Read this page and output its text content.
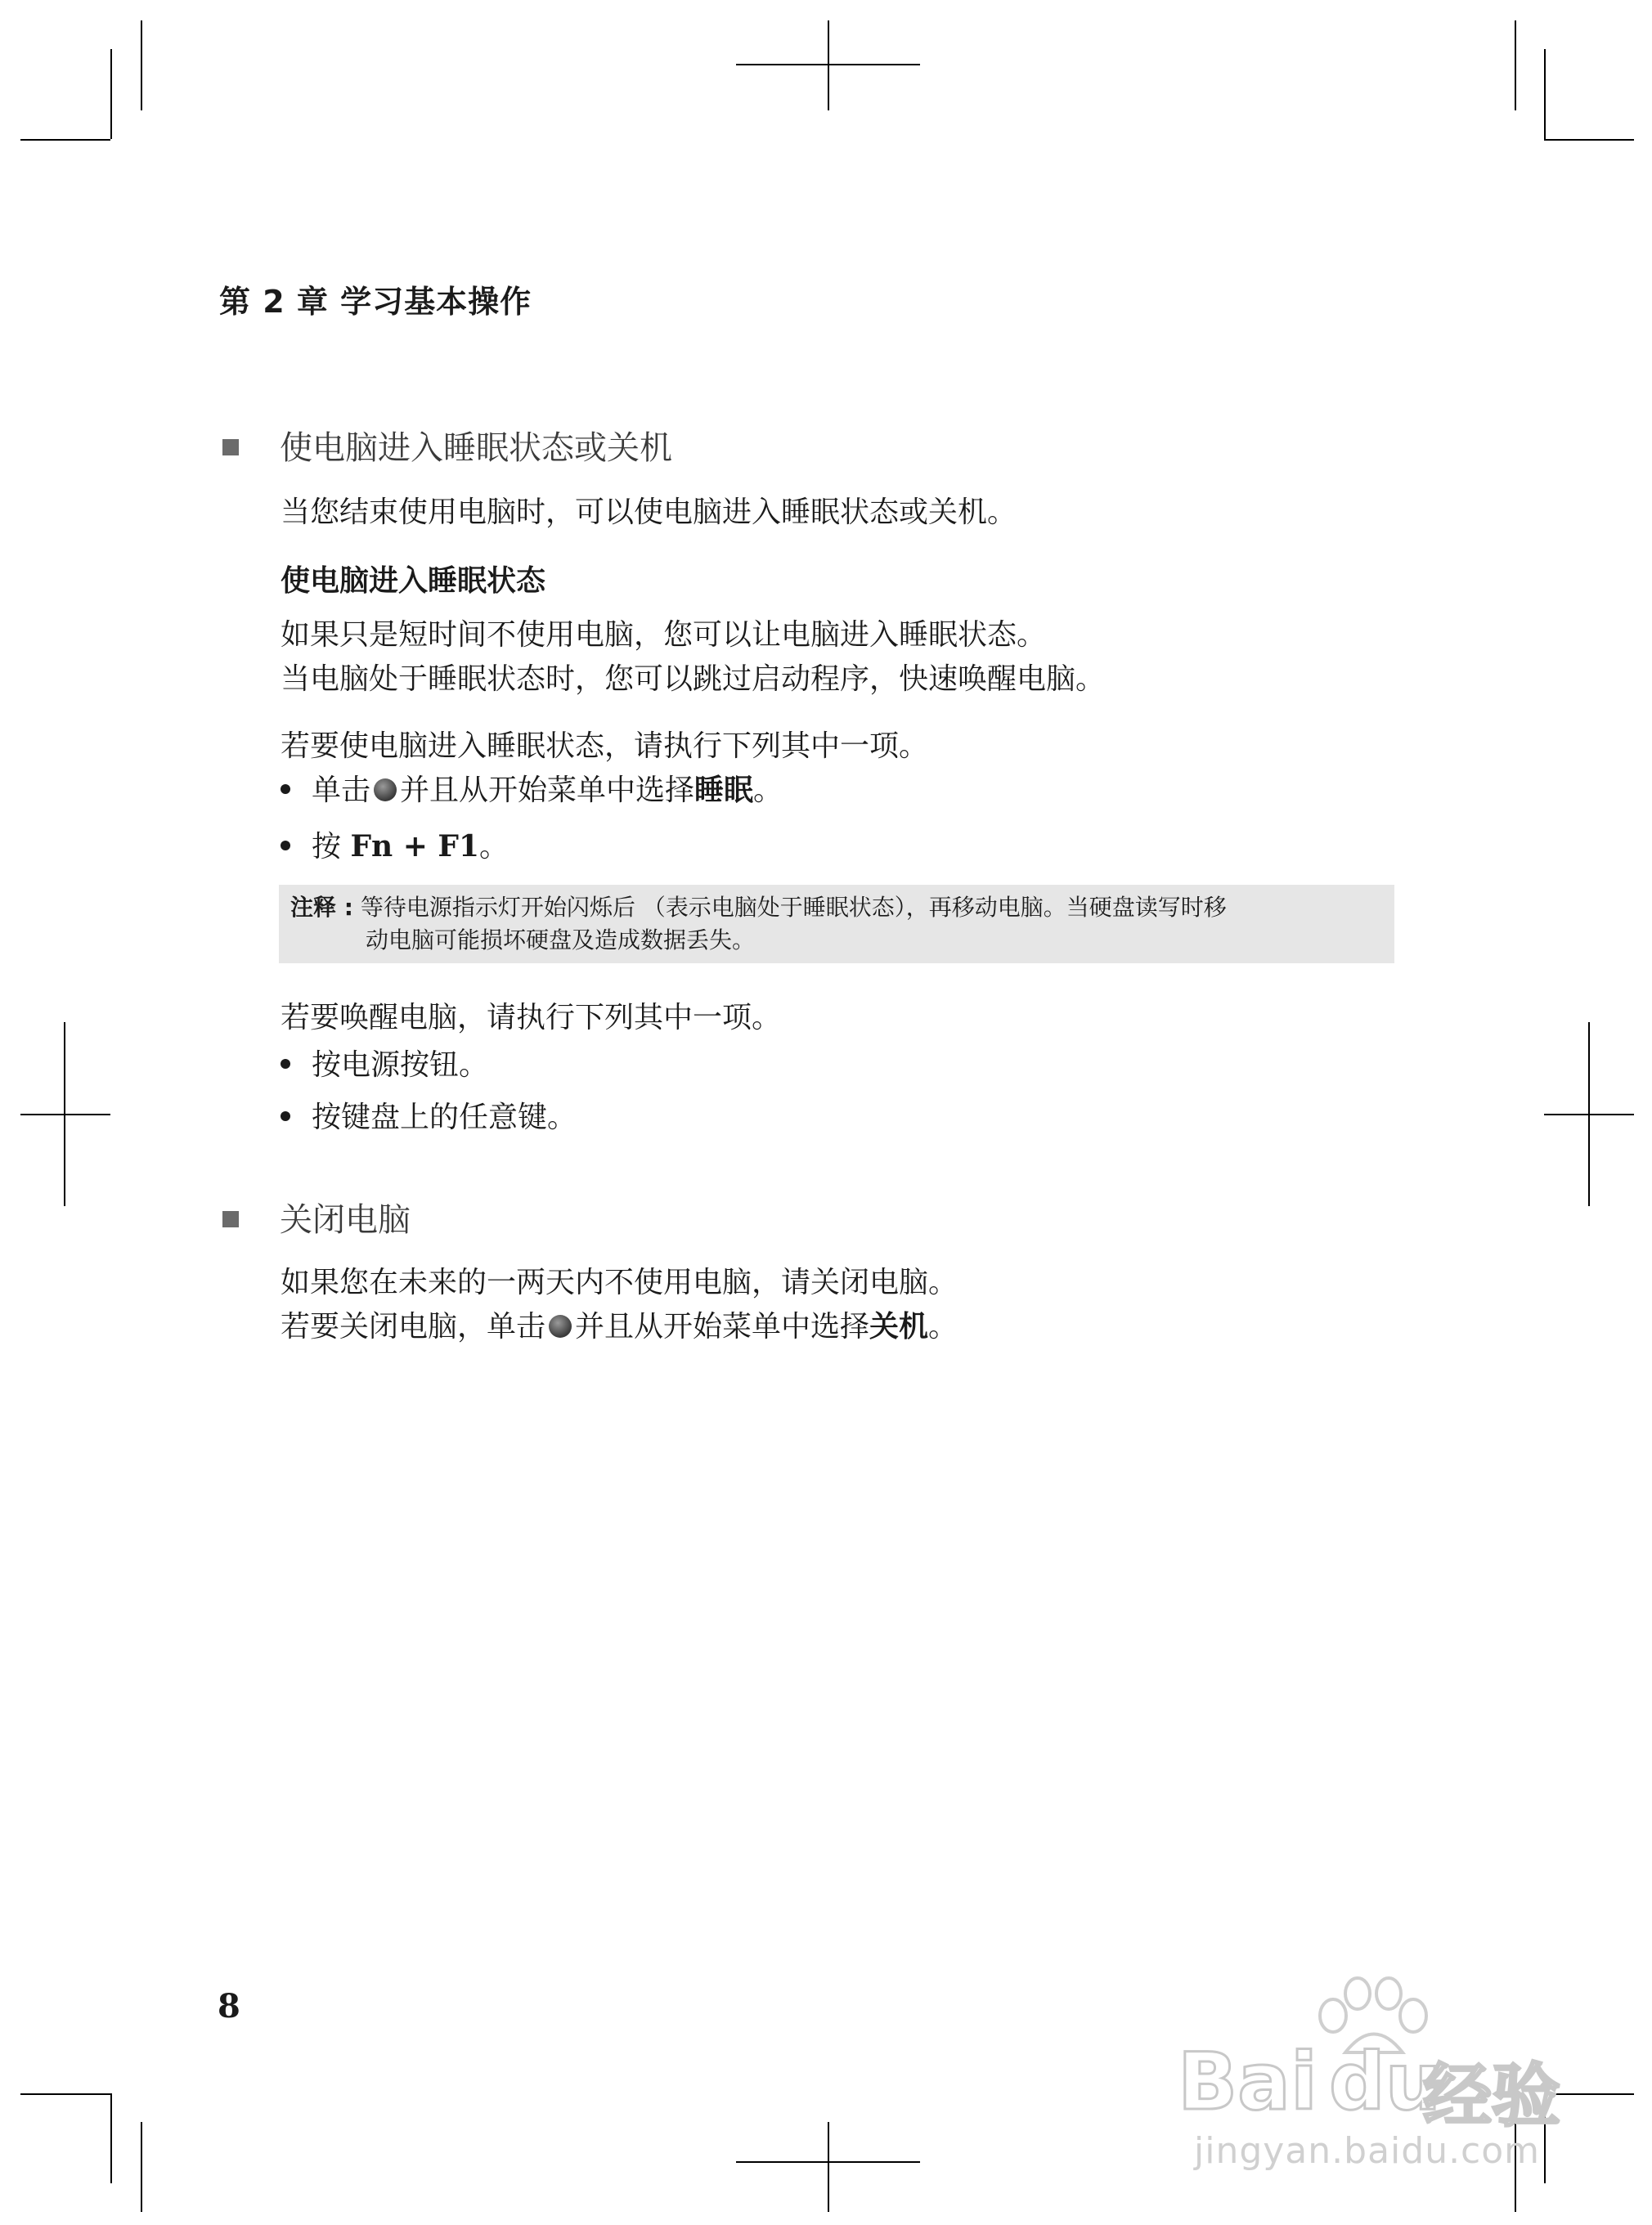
第 2 章 学习基本操作
使电脑进入睡眠状态或关机
当您结束使用电脑时，可以使电脑进入睡眠状态或关机。
使电脑进入睡眠状态
如果只是短时间不使用电脑，您可以让电脑进入睡眠状态。
当电脑处于睡眠状态时，您可以跳过启动程序，快速唤醒电脑。
若要使电脑进入睡眠状态，请执行下列其中一项。
单击 并且从开始菜单中选择睡眠。
按 Fn + F1。
注释 : 等待电源指示灯开始闪烁后 （表示电脑处于睡眠状态），再移动电脑。当硬盘读写时移
动电脑可能损坏硬盘及造成数据丢失。
若要唤醒电脑，请执行下列其中一项。
按电源按钮。
按键盘上的任意键。
关闭电脑
如果您在未来的一两天内不使用电脑，请关闭电脑。
若要关闭电脑，单击 并且从开始菜单中选择关机。
8
Bai du
经验
jingyan.baidu.com
